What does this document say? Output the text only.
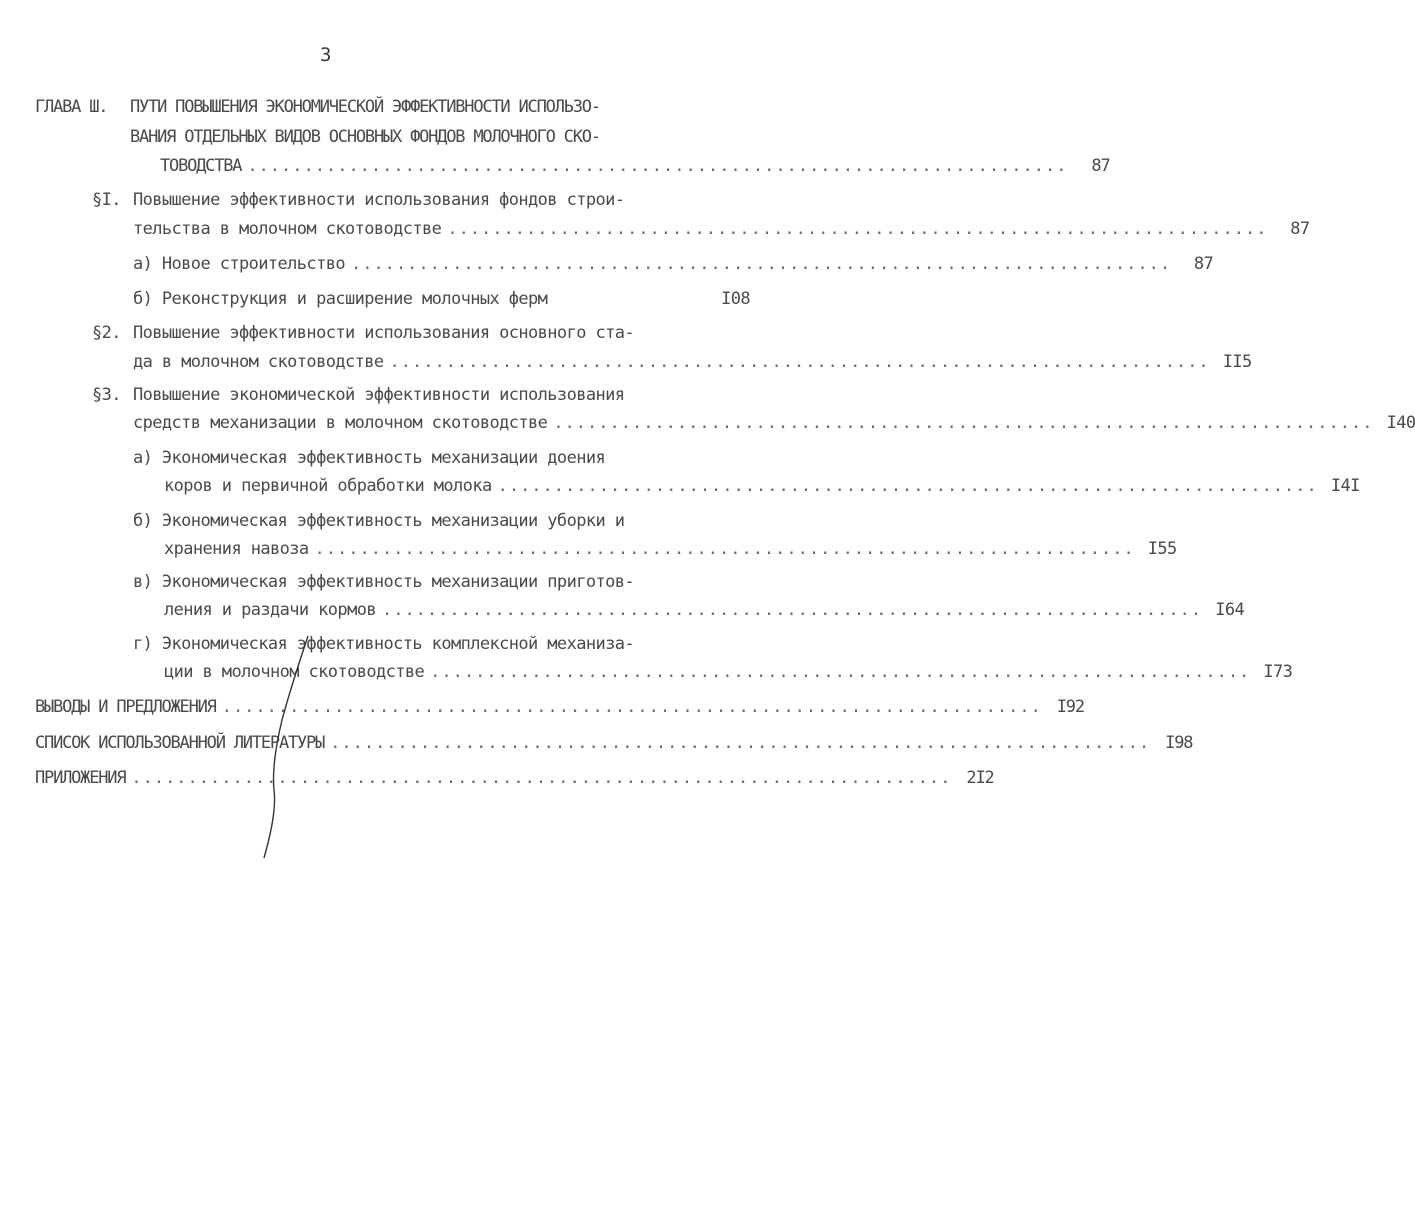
3
ГЛАВА Ш. ПУТИ ПОВЫШЕНИЯ ЭКОНОМИЧЕСКОЙ ЭФФЕКТИВНОСТИ ИСПОЛЬЗО-
ВАНИЯ ОТДЕЛЬНЫХ ВИДОВ ОСНОВНЫХ ФОНДОВ МОЛОЧНОГО СКО-
ТОВОДСТВА .........................................................................	87
§I. Повышение эффективности использования фондов строи-
тельства в молочном скотоводстве .........................................................................	87
а) Новое строительство .........................................................................	87
б) Реконструкция и расширение молочных ферм	I08
§2. Повышение эффективности использования основного ста-
да в молочном скотоводстве ......................................................................... II5
§3. Повышение экономической эффективности использования
средств механизации в молочном скотоводстве ......................................................................... I40
а) Экономическая эффективность механизации доения
коров и первичной обработки молока ......................................................................... I4I
б) Экономическая эффективность механизации уборки и
хранения навоза ......................................................................... I55
в) Экономическая эффективность механизации приготов-
ления и раздачи кормов ......................................................................... I64
г) Экономическая эффективность комплексной механиза-
ции в молочном скотоводстве ......................................................................... I73
ВЫВОДЫ И ПРЕДЛОЖЕНИЯ ......................................................................... I92
СПИСОК ИСПОЛЬЗОВАННОЙ ЛИТЕРАТУРЫ ......................................................................... I98
ПРИЛОЖЕНИЯ ......................................................................... 2I2
